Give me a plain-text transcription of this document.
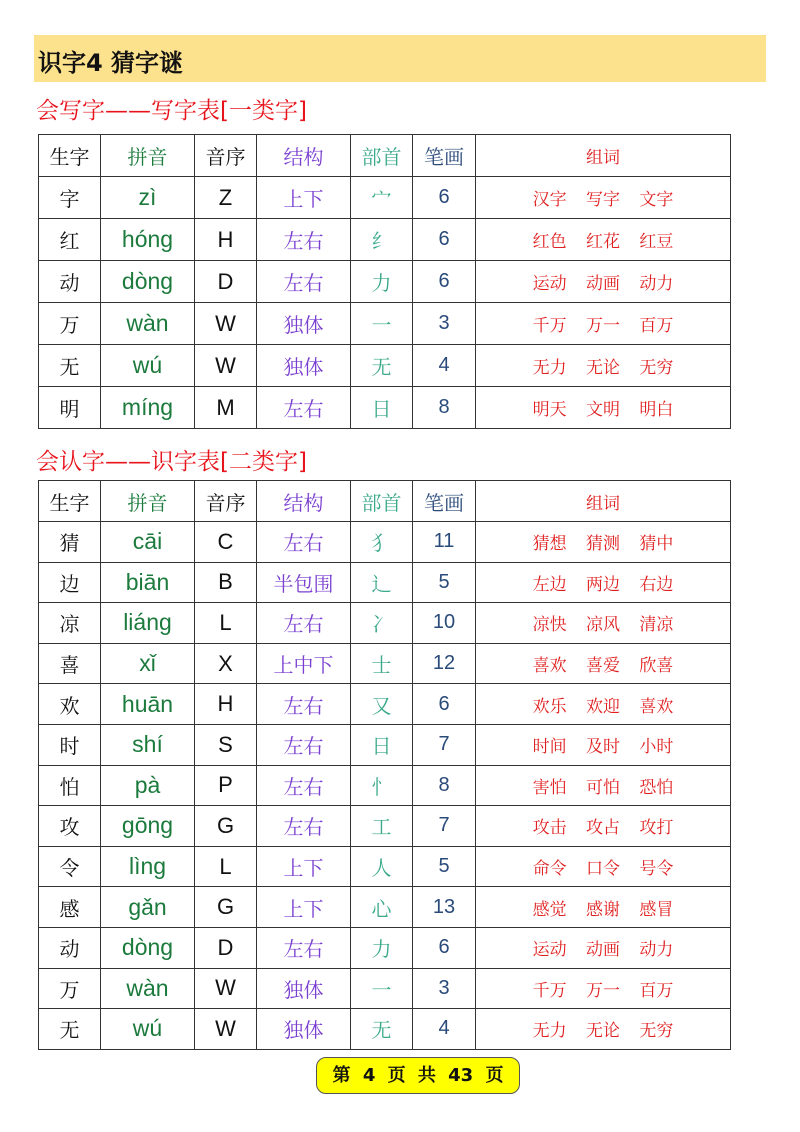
识字4 猜字谜
会写字——写字表[一类字]
生字	拼音	音序	结构	部首	笔画	组词
字	zì	Z	上下	宀	6	汉字 写字 文字
红	hóng	H	左右	纟	6	红色 红花 红豆
动	dòng	D	左右	力	6	运动 动画 动力
万	wàn	W	独体	一	3	千万 万一 百万
无	wú	W	独体	无	4	无力 无论 无穷
明	míng	M	左右	日	8	明天 文明 明白
会认字——识字表[二类字]
生字	拼音	音序	结构	部首	笔画	组词
猜	cāi	C	左右	犭	11	猜想 猜测 猜中
边	biān	B	半包围	辶	5	左边 两边 右边
凉	liáng	L	左右	冫	10	凉快 凉风 清凉
喜	xǐ	X	上中下	士	12	喜欢 喜爱 欣喜
欢	huān	H	左右	又	6	欢乐 欢迎 喜欢
时	shí	S	左右	日	7	时间 及时 小时
怕	pà	P	左右	忄	8	害怕 可怕 恐怕
攻	gōng	G	左右	工	7	攻击 攻占 攻打
令	lìng	L	上下	人	5	命令 口令 号令
感	gǎn	G	上下	心	13	感觉 感谢 感冒
动	dòng	D	左右	力	6	运动 动画 动力
万	wàn	W	独体	一	3	千万 万一 百万
无	wú	W	独体	无	4	无力 无论 无穷
第 4 页 共 43 页
